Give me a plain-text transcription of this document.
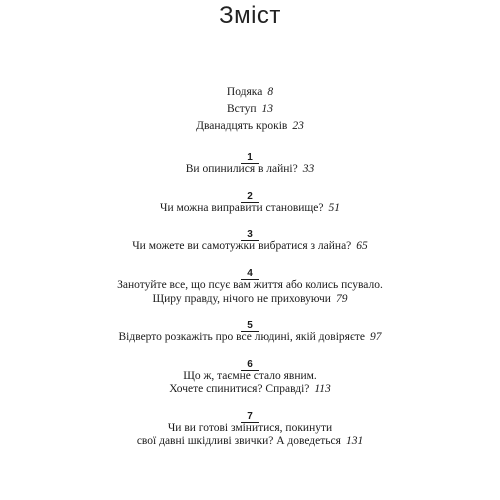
Зміст
Подяка 8
Вступ 13
Дванадцять кроків 23
1
Ви опинилися в лайні? 33
2
Чи можна виправити становище? 51
3
Чи можете ви самотужки вибратися з лайна? 65
4
Занотуйте все, що псує вам життя або колись псувало.
Щиру правду, нічого не приховуючи 79
5
Відверто розкажіть про все людині, якій довіряєте 97
6
Що ж, таємне стало явним.
Хочете спинитися? Справді? 113
7
Чи ви готові змінитися, покинути
свої давні шкідливі звички? А доведеться 131
